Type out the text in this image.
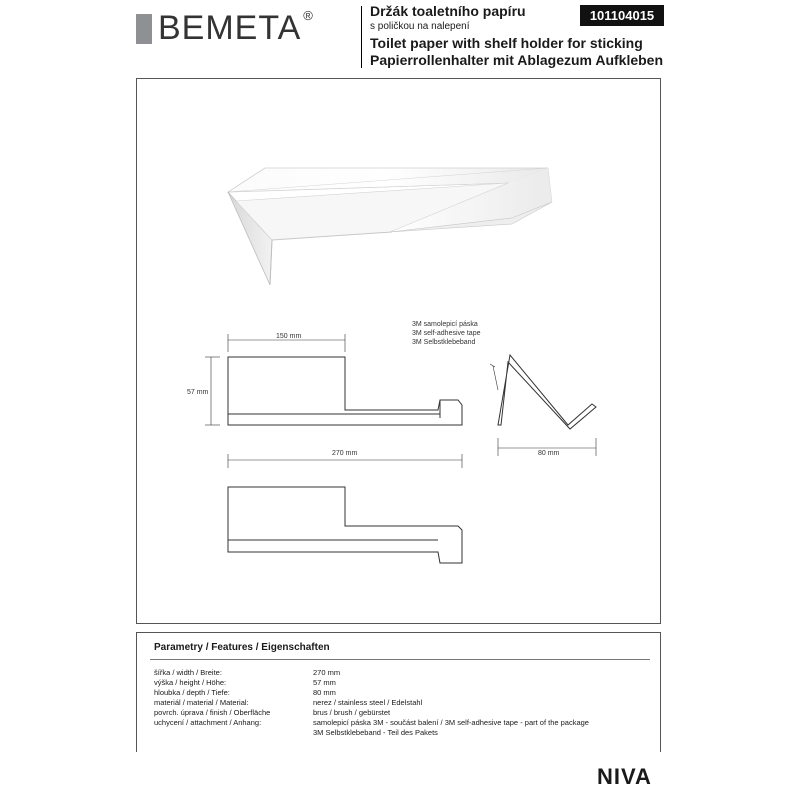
BEMETA ®	Držák toaletního papíru
s poličkou na nalepení
Toilet paper with shelf holder for sticking
Papierrollenhalter mit Ablagezum Aufkleben
101104015
150 mm
57 mm
270 mm	80 mm
3M samolepicí páska
3M self-adhesive tape
3M Selbstklebeband
Parametry / Features / Eigenschaften
šířka / width / Breite:	270 mm
výška / height / Höhe:	57 mm
hloubka / depth / Tiefe:	80 mm
materiál / material / Material:	nerez / stainless steel / Edelstahl
povrch. úprava / finish / Oberfläche	brus / brush / gebürstet
uchycení / attachment / Anhang:	samolepicí páska 3M - součást balení / 3M self-adhesive tape - part of the package
3M Selbstklebeband - Teil des Pakets
NIVA
